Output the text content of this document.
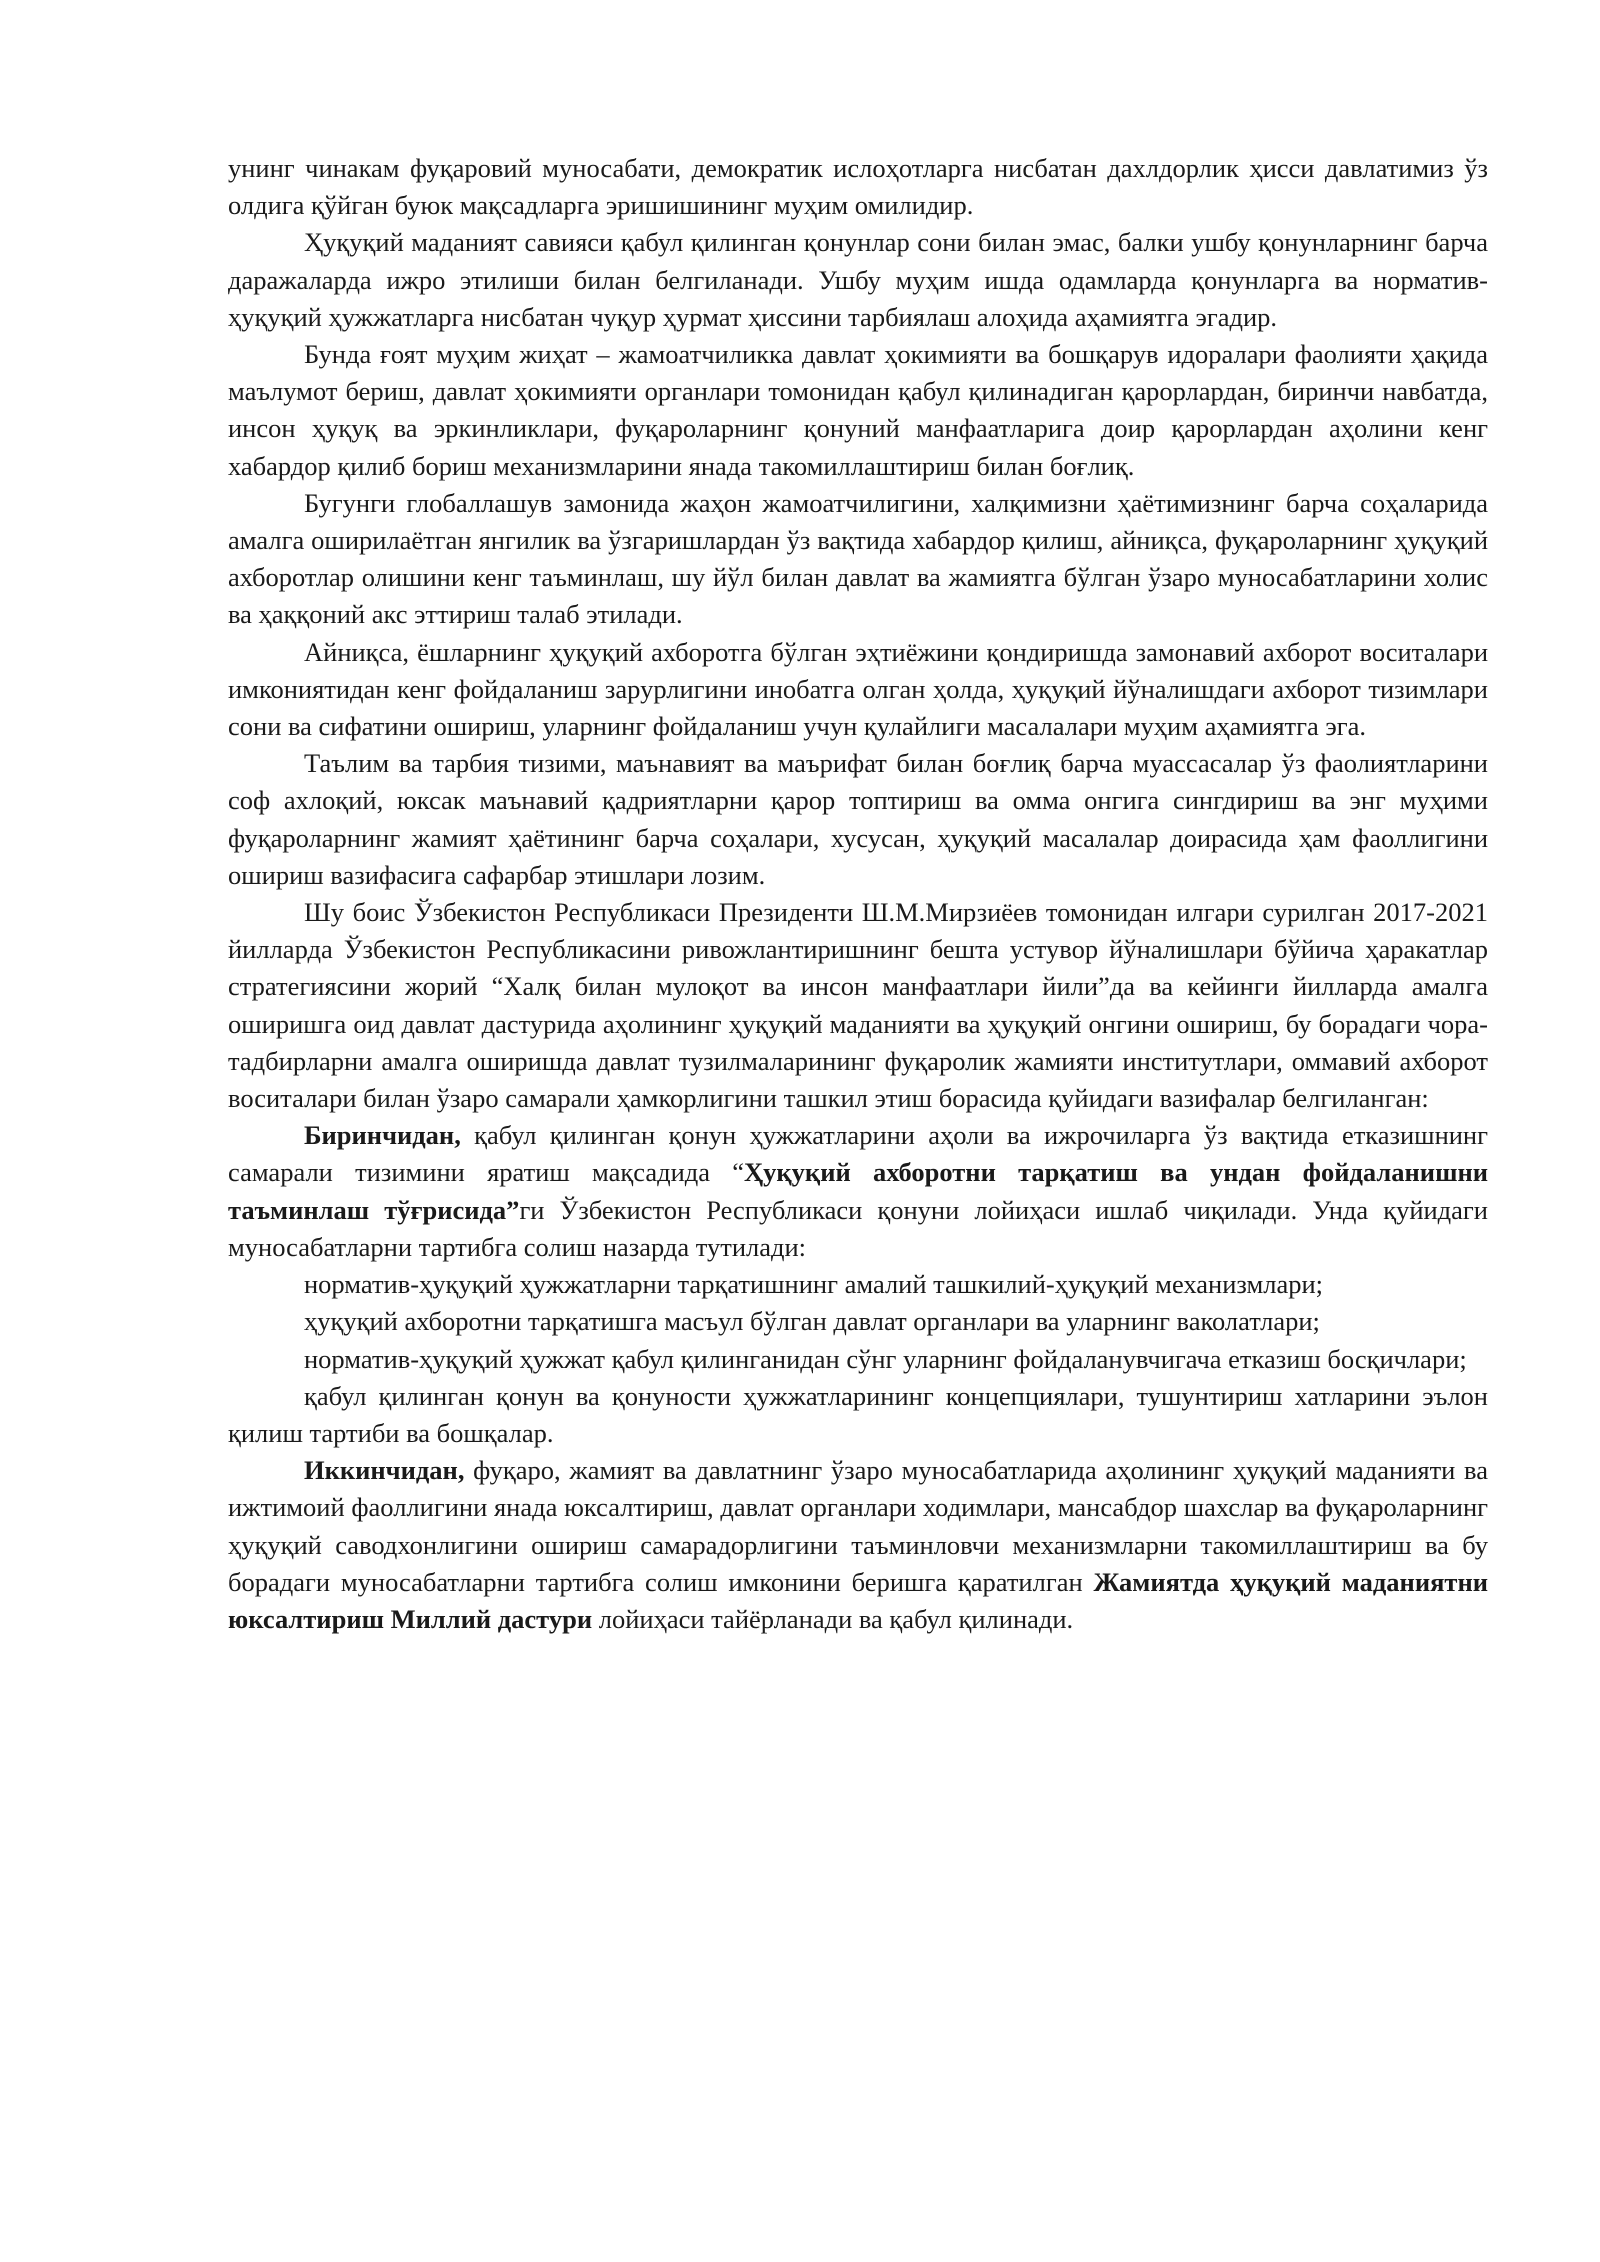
унинг чинакам фуқаровий муносабати, демократик ислоҳотларга нисбатан дахлдорлик ҳисси давлатимиз ўз олдига қўйган буюк мақсадларга эришишининг муҳим омилидир.

Ҳуқуқий маданият савияси қабул қилинган қонунлар сони билан эмас, балки ушбу қонунларнинг барча даражаларда ижро этилиши билан белгиланади. Ушбу муҳим ишда одамларда қонунларга ва норматив-ҳуқуқий ҳужжатларга нисбатан чуқур ҳурмат ҳиссини тарбиялаш алоҳида аҳамиятга эгадир.

Бунда ғоят муҳим жиҳат – жамоатчиликка давлат ҳокимияти ва бошқарув идоралари фаолияти ҳақида маълумот бериш, давлат ҳокимияти органлари томонидан қабул қилинадиган қарорлардан, биринчи навбатда, инсон ҳуқуқ ва эркинликлари, фуқароларнинг қонуний манфаатларига доир қарорлардан аҳолини кенг хабардор қилиб бориш механизмларини янада такомиллаштириш билан боғлиқ.

Бугунги глобаллашув замонида жаҳон жамоатчилигини, халқимизни ҳаётимизнинг барча соҳаларида амалга оширилаётган янгилик ва ўзгаришлардан ўз вақтида хабардор қилиш, айниқса, фуқароларнинг ҳуқуқий ахборотлар олишини кенг таъминлаш, шу йўл билан давлат ва жамиятга бўлган ўзаро муносабатларини холис ва ҳаққоний акс эттириш талаб этилади.

Айниқса, ёшларнинг ҳуқуқий ахборотга бўлган эҳтиёжини қондиришда замонавий ахборот воситалари имкониятидан кенг фойдаланиш зарурлигини инобатга олган ҳолда, ҳуқуқий йўналишдаги ахборот тизимлари сони ва сифатини ошириш, уларнинг фойдаланиш учун қулайлиги масалалари муҳим аҳамиятга эга.

Таълим ва тарбия тизими, маънавият ва маърифат билан боғлиқ барча муассасалар ўз фаолиятларини соф ахлоқий, юксак маънавий қадриятларни қарор топтириш ва омма онгига сингдириш ва энг муҳими фуқароларнинг жамият ҳаётининг барча соҳалари, хусусан, ҳуқуқий масалалар доирасида ҳам фаоллигини ошириш вазифасига сафарбар этишлари лозим.

Шу боис Ўзбекистон Республикаси Президенти Ш.М.Мирзиёев томонидан илгари сурилган 2017-2021 йилларда Ўзбекистон Республикасини ривожлантиришнинг бешта устувор йўналишлари бўйича ҳаракатлар стратегиясини жорий “Халқ билан мулоқот ва инсон манфаатлари йили”да ва кейинги йилларда амалга оширишга оид давлат дастурида аҳолининг ҳуқуқий маданияти ва ҳуқуқий онгини ошириш, бу борадаги чора-тадбирларни амалга оширишда давлат тузилмаларининг фуқаролик жамияти институтлари, оммавий ахборот воситалари билан ўзаро самарали ҳамкорлигини ташкил этиш борасида қуйидаги вазифалар белгиланган:

Биринчидан, қабул қилинган қонун ҳужжатларини аҳоли ва ижрочиларга ўз вақтида етказишнинг самарали тизимини яратиш мақсадида “Ҳуқуқий ахборотни тарқатиш ва ундан фойдаланишни таъминлаш тўғрисида”ги Ўзбекистон Республикаси қонуни лойиҳаси ишлаб чиқилади. Унда қуйидаги муносабатларни тартибга солиш назарда тутилади:

норматив-ҳуқуқий ҳужжатларни тарқатишнинг амалий ташкилий-ҳуқуқий механизмлари;

ҳуқуқий ахборотни тарқатишга масъул бўлган давлат органлари ва уларнинг ваколатлари;

норматив-ҳуқуқий ҳужжат қабул қилинганидан сўнг уларнинг фойдаланувчигача етказиш босқичлари;

қабул қилинган қонун ва қонуности ҳужжатларининг концепциялари, тушунтириш хатларини эълон қилиш тартиби ва бошқалар.

Иккинчидан, фуқаро, жамият ва давлатнинг ўзаро муносабатларида аҳолининг ҳуқуқий маданияти ва ижтимоий фаоллигини янада юксалтириш, давлат органлари ходимлари, мансабдор шахслар ва фуқароларнинг ҳуқуқий саводхонлигини ошириш самарадорлигини таъминловчи механизмларни такомиллаштириш ва бу борадаги муносабатларни тартибга солиш имконини беришга қаратилган Жамиятда ҳуқуқий маданиятни юксалтириш Миллий дастури лойиҳаси тайёрланади ва қабул қилинади.
